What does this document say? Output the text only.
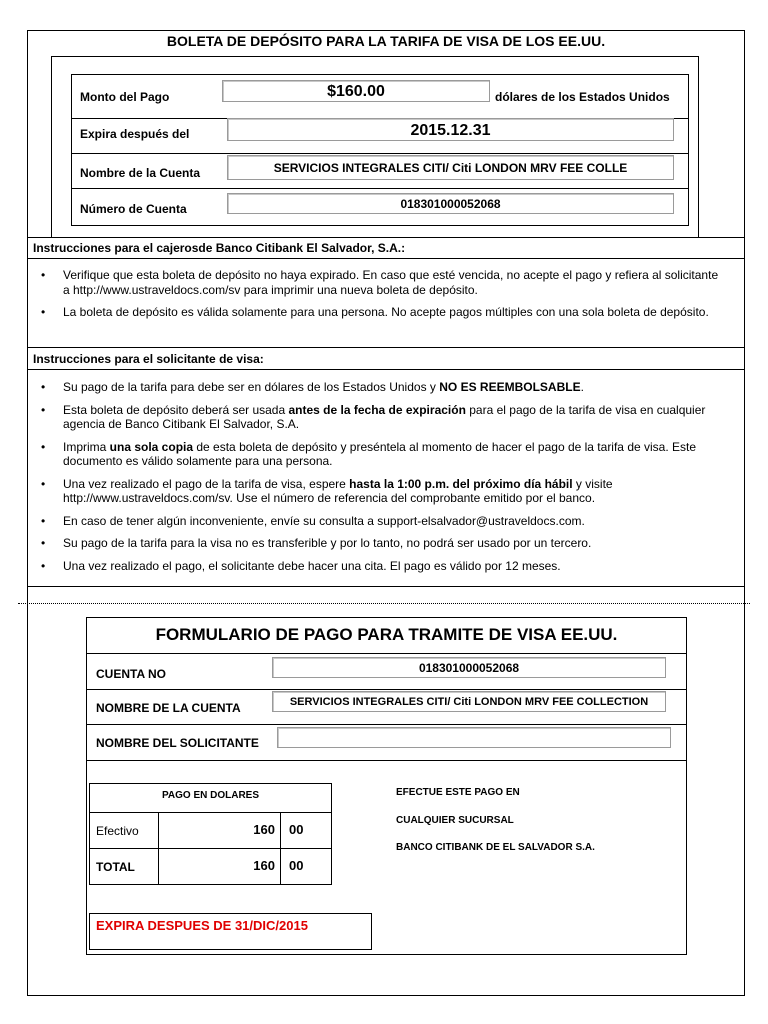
BOLETA DE DEPÓSITO PARA LA TARIFA DE VISA DE LOS EE.UU.
Monto del Pago	$160.00	dólares de los Estados Unidos
Expira después del	2015.12.31
Nombre de la Cuenta	SERVICIOS INTEGRALES CITI/ Citi LONDON MRV FEE COLLE
Número de Cuenta	018301000052068
Instrucciones para el cajerosde Banco Citibank El Salvador, S.A.:
• Verifique que esta boleta de depósito no haya expirado. En caso que esté vencida, no acepte el pago y refiera al solicitante a http://www.ustraveldocs.com/sv para imprimir una nueva boleta de depósito.
• La boleta de depósito es válida solamente para una persona. No acepte pagos múltiples con una sola boleta de depósito.
Instrucciones para el solicitante de visa:
• Su pago de la tarifa para debe ser en dólares de los Estados Unidos y NO ES REEMBOLSABLE.
• Esta boleta de depósito deberá ser usada antes de la fecha de expiración para el pago de la tarifa de visa en cualquier agencia de Banco Citibank El Salvador, S.A.
• Imprima una sola copia de esta boleta de depósito y preséntela al momento de hacer el pago de la tarifa de visa. Este documento es válido solamente para una persona.
• Una vez realizado el pago de la tarifa de visa, espere hasta la 1:00 p.m. del próximo día hábil y visite http://www.ustraveldocs.com/sv. Use el número de referencia del comprobante emitido por el banco.
• En caso de tener algún inconveniente, envíe su consulta a support-elsalvador@ustraveldocs.com.
• Su pago de la tarifa para la visa no es transferible y por lo tanto, no podrá ser usado por un tercero.
• Una vez realizado el pago, el solicitante debe hacer una cita. El pago es válido por 12 meses.
FORMULARIO DE PAGO PARA TRAMITE DE VISA EE.UU.
CUENTA NO	018301000052068
NOMBRE DE LA CUENTA	SERVICIOS INTEGRALES CITI/ Citi LONDON MRV FEE COLLECTION
NOMBRE DEL SOLICITANTE
PAGO EN DOLARES
Efectivo	160 00
TOTAL	160 00
EFECTUE ESTE PAGO EN
CUALQUIER SUCURSAL
BANCO CITIBANK DE EL SALVADOR S.A.
EXPIRA DESPUES DE 31/DIC/2015
